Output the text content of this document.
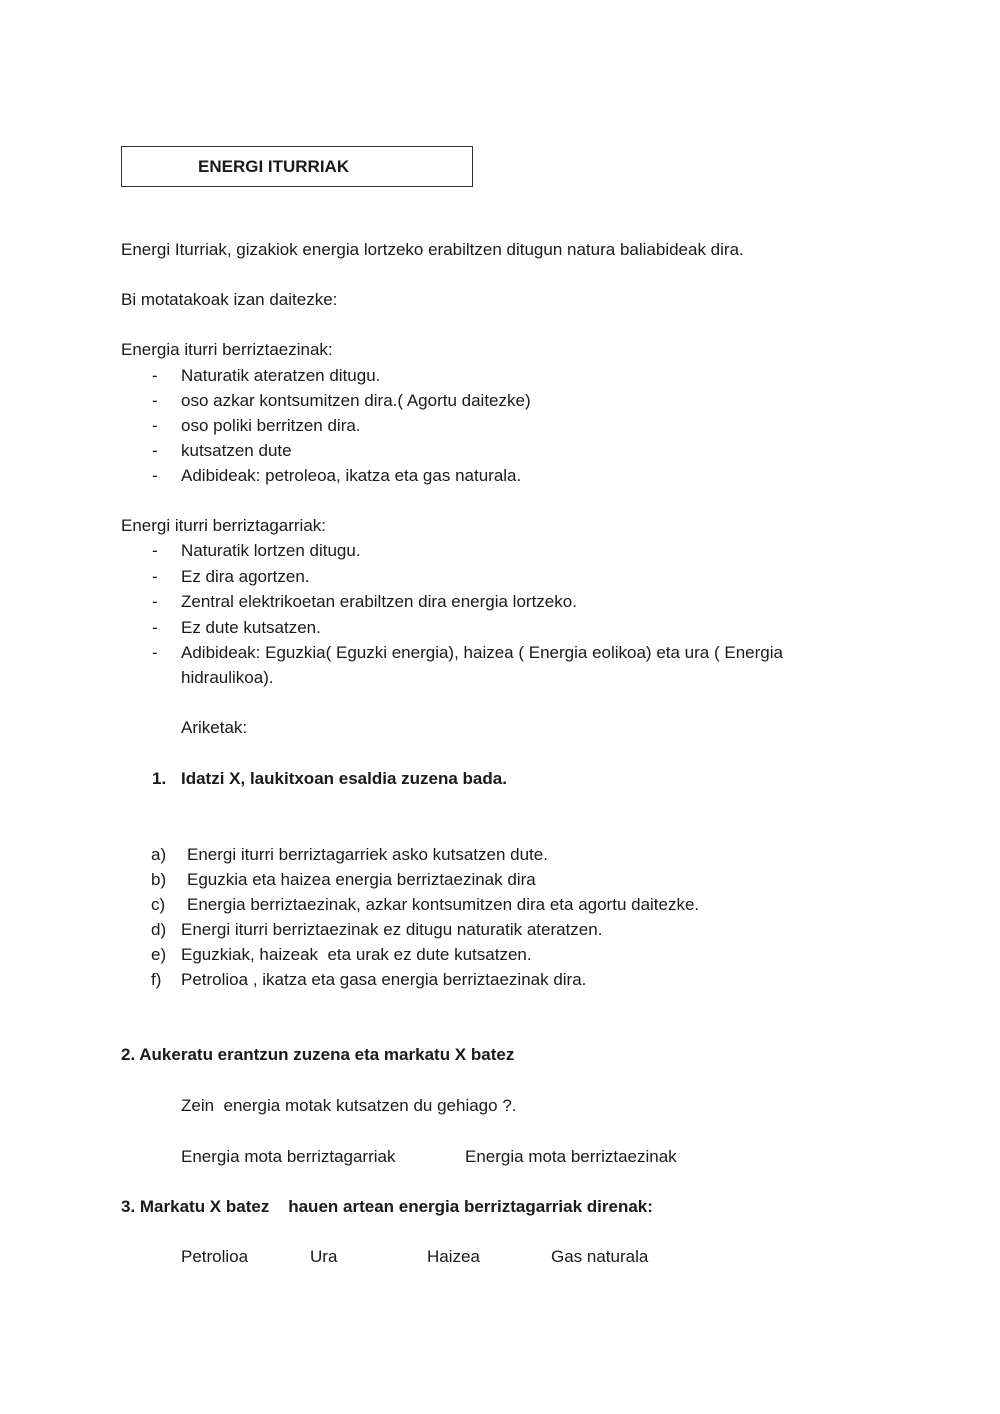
ENERGI ITURRIAK
Energi Iturriak, gizakiok energia lortzeko erabiltzen ditugun natura baliabideak dira.
Bi motatakoak izan daitezke:
Energia iturri berriztaezinak:
- Naturatik ateratzen ditugu.
- oso azkar kontsumitzen dira.( Agortu daitezke)
- oso poliki berritzen dira.
- kutsatzen dute
- Adibideak: petroleoa, ikatza eta gas naturala.
Energi iturri berriztagarriak:
- Naturatik lortzen ditugu.
- Ez dira agortzen.
- Zentral elektrikoetan erabiltzen dira energia lortzeko.
- Ez dute kutsatzen.
- Adibideak: Eguzkia( Eguzki energia), haizea ( Energia eolikoa) eta ura ( Energia
hidraulikoa).
Ariketak:
1. Idatzi X, laukitxoan esaldia zuzena bada.
a) Energi iturri berriztagarriek asko kutsatzen dute.
b) Eguzkia eta haizea energia berriztaezinak dira
c) Energia berriztaezinak, azkar kontsumitzen dira eta agortu daitezke.
d) Energi iturri berriztaezinak ez ditugu naturatik ateratzen.
e) Eguzkiak, haizeak  eta urak ez dute kutsatzen.
f) Petrolioa , ikatza eta gasa energia berriztaezinak dira.
2. Aukeratu erantzun zuzena eta markatu X batez
Zein  energia motak kutsatzen du gehiago ?.
Energia mota berriztagarriak	Energia mota berriztaezinak
3. Markatu X batez    hauen artean energia berriztagarriak direnak:
Petrolioa	Ura	Haizea	Gas naturala
